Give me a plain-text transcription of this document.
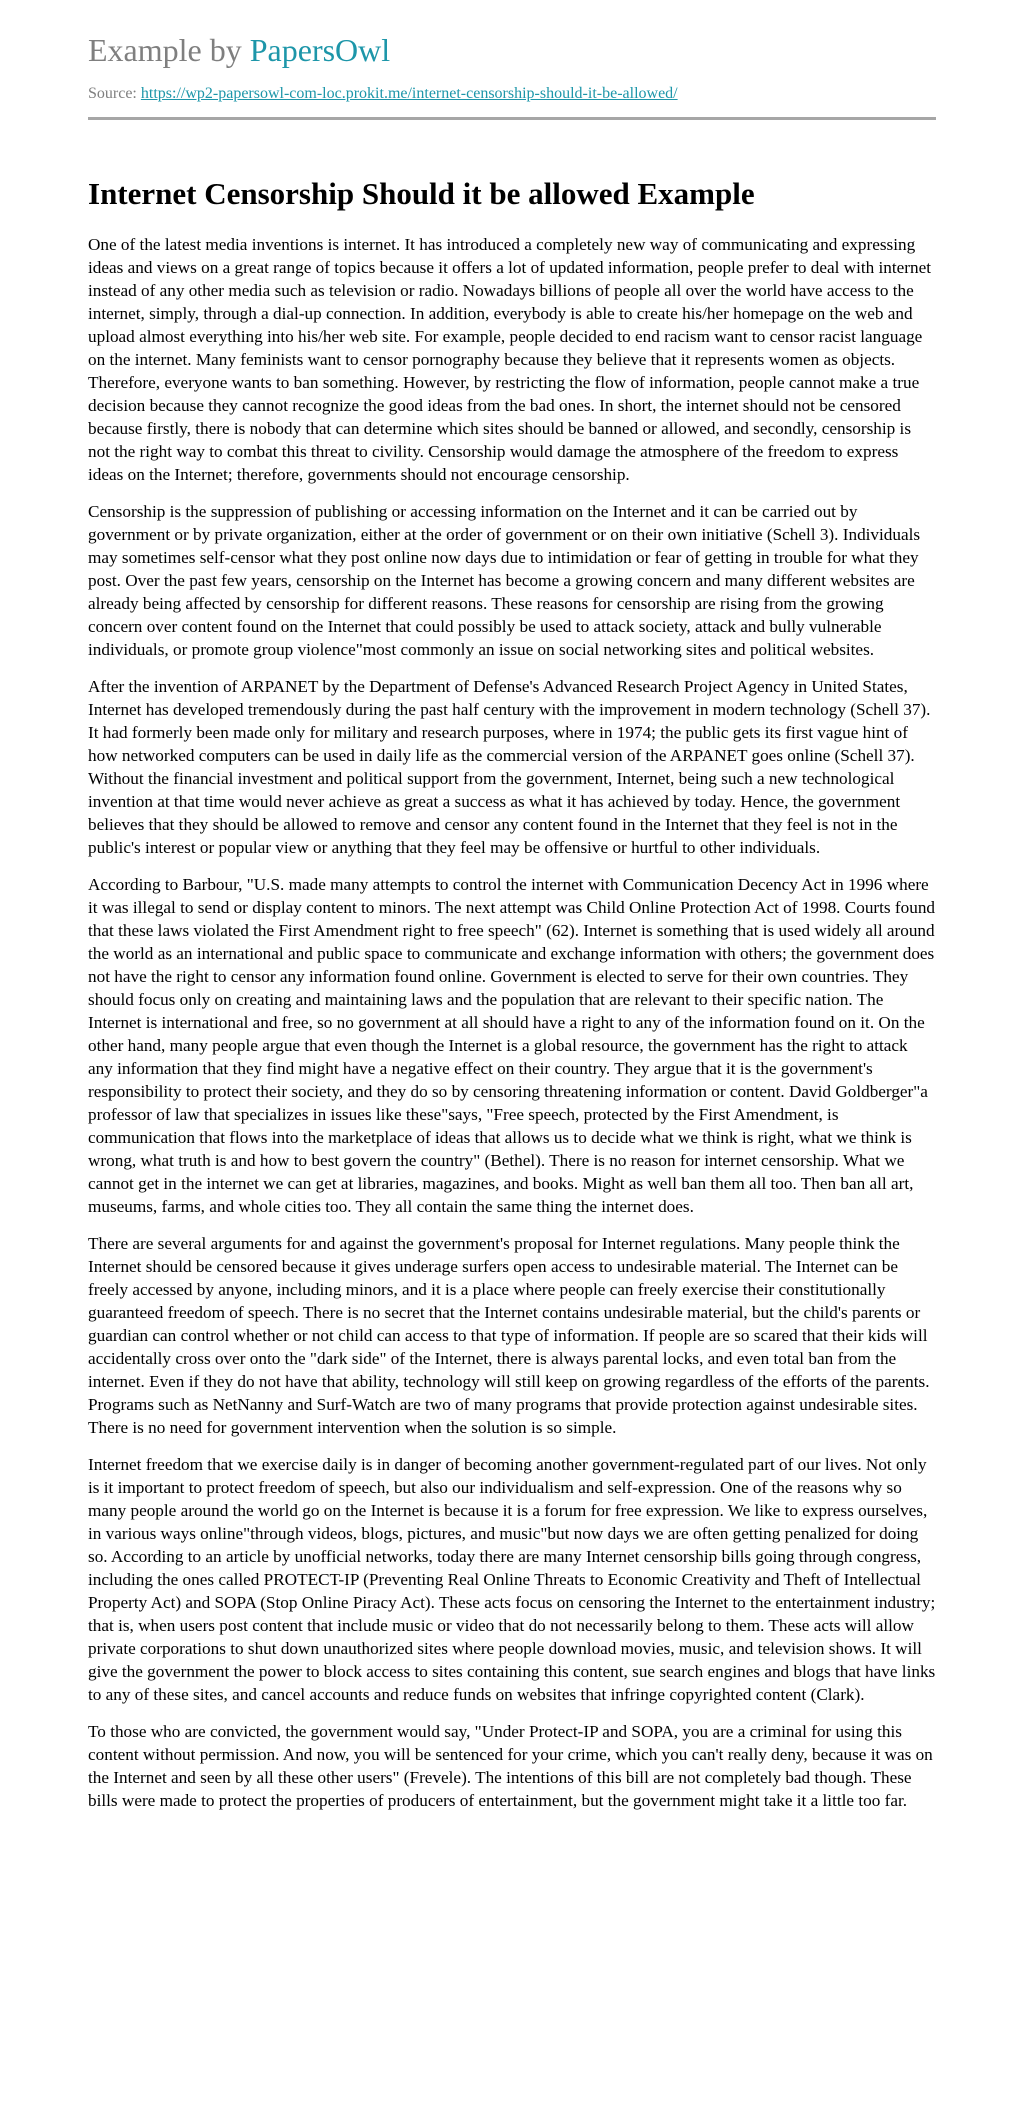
Example by PapersOwl
Source: https://wp2-papersowl-com-loc.prokit.me/internet-censorship-should-it-be-allowed/
Internet Censorship Should it be allowed Example

One of the latest media inventions is internet. It has introduced a completely new way of communicating and expressing ideas and views on a great range of topics because it offers a lot of updated information, people prefer to deal with internet instead of any other media such as television or radio. Nowadays billions of people all over the world have access to the internet, simply, through a dial-up connection. In addition, everybody is able to create his/her homepage on the web and upload almost everything into his/her web site. For example, people decided to end racism want to censor racist language on the internet. Many feminists want to censor pornography because they believe that it represents women as objects. Therefore, everyone wants to ban something. However, by restricting the flow of information, people cannot make a true decision because they cannot recognize the good ideas from the bad ones. In short, the internet should not be censored because firstly, there is nobody that can determine which sites should be banned or allowed, and secondly, censorship is not the right way to combat this threat to civility. Censorship would damage the atmosphere of the freedom to express ideas on the Internet; therefore, governments should not encourage censorship.

Censorship is the suppression of publishing or accessing information on the Internet and it can be carried out by government or by private organization, either at the order of government or on their own initiative (Schell 3). Individuals may sometimes self-censor what they post online now days due to intimidation or fear of getting in trouble for what they post. Over the past few years, censorship on the Internet has become a growing concern and many different websites are already being affected by censorship for different reasons. These reasons for censorship are rising from the growing concern over content found on the Internet that could possibly be used to attack society, attack and bully vulnerable individuals, or promote group violence"most commonly an issue on social networking sites and political websites.

After the invention of ARPANET by the Department of Defense's Advanced Research Project Agency in United States, Internet has developed tremendously during the past half century with the improvement in modern technology (Schell 37). It had formerly been made only for military and research purposes, where in 1974; the public gets its first vague hint of how networked computers can be used in daily life as the commercial version of the ARPANET goes online (Schell 37). Without the financial investment and political support from the government, Internet, being such a new technological invention at that time would never achieve as great a success as what it has achieved by today. Hence, the government believes that they should be allowed to remove and censor any content found in the Internet that they feel is not in the public's interest or popular view or anything that they feel may be offensive or hurtful to other individuals.

According to Barbour, "U.S. made many attempts to control the internet with Communication Decency Act in 1996 where it was illegal to send or display content to minors. The next attempt was Child Online Protection Act of 1998. Courts found that these laws violated the First Amendment right to free speech" (62). Internet is something that is used widely all around the world as an international and public space to communicate and exchange information with others; the government does not have the right to censor any information found online. Government is elected to serve for their own countries. They should focus only on creating and maintaining laws and the population that are relevant to their specific nation. The Internet is international and free, so no government at all should have a right to any of the information found on it. On the other hand, many people argue that even though the Internet is a global resource, the government has the right to attack any information that they find might have a negative effect on their country. They argue that it is the government's responsibility to protect their society, and they do so by censoring threatening information or content. David Goldberger"a professor of law that specializes in issues like these"says, "Free speech, protected by the First Amendment, is communication that flows into the marketplace of ideas that allows us to decide what we think is right, what we think is wrong, what truth is and how to best govern the country" (Bethel). There is no reason for internet censorship. What we cannot get in the internet we can get at libraries, magazines, and books. Might as well ban them all too. Then ban all art, museums, farms, and whole cities too. They all contain the same thing the internet does.

There are several arguments for and against the government's proposal for Internet regulations. Many people think the Internet should be censored because it gives underage surfers open access to undesirable material. The Internet can be freely accessed by anyone, including minors, and it is a place where people can freely exercise their constitutionally guaranteed freedom of speech. There is no secret that the Internet contains undesirable material, but the child's parents or guardian can control whether or not child can access to that type of information. If people are so scared that their kids will accidentally cross over onto the "dark side" of the Internet, there is always parental locks, and even total ban from the internet. Even if they do not have that ability, technology will still keep on growing regardless of the efforts of the parents. Programs such as NetNanny and Surf-Watch are two of many programs that provide protection against undesirable sites. There is no need for government intervention when the solution is so simple.

Internet freedom that we exercise daily is in danger of becoming another government-regulated part of our lives. Not only is it important to protect freedom of speech, but also our individualism and self-expression. One of the reasons why so many people around the world go on the Internet is because it is a forum for free expression. We like to express ourselves, in various ways online"through videos, blogs, pictures, and music"but now days we are often getting penalized for doing so. According to an article by unofficial networks, today there are many Internet censorship bills going through congress, including the ones called PROTECT-IP (Preventing Real Online Threats to Economic Creativity and Theft of Intellectual Property Act) and SOPA (Stop Online Piracy Act). These acts focus on censoring the Internet to the entertainment industry; that is, when users post content that include music or video that do not necessarily belong to them. These acts will allow private corporations to shut down unauthorized sites where people download movies, music, and television shows. It will give the government the power to block access to sites containing this content, sue search engines and blogs that have links to any of these sites, and cancel accounts and reduce funds on websites that infringe copyrighted content (Clark).

To those who are convicted, the government would say, "Under Protect-IP and SOPA, you are a criminal for using this content without permission. And now, you will be sentenced for your crime, which you can't really deny, because it was on the Internet and seen by all these other users" (Frevele). The intentions of this bill are not completely bad though. These bills were made to protect the properties of producers of entertainment, but the government might take it a little too far.
